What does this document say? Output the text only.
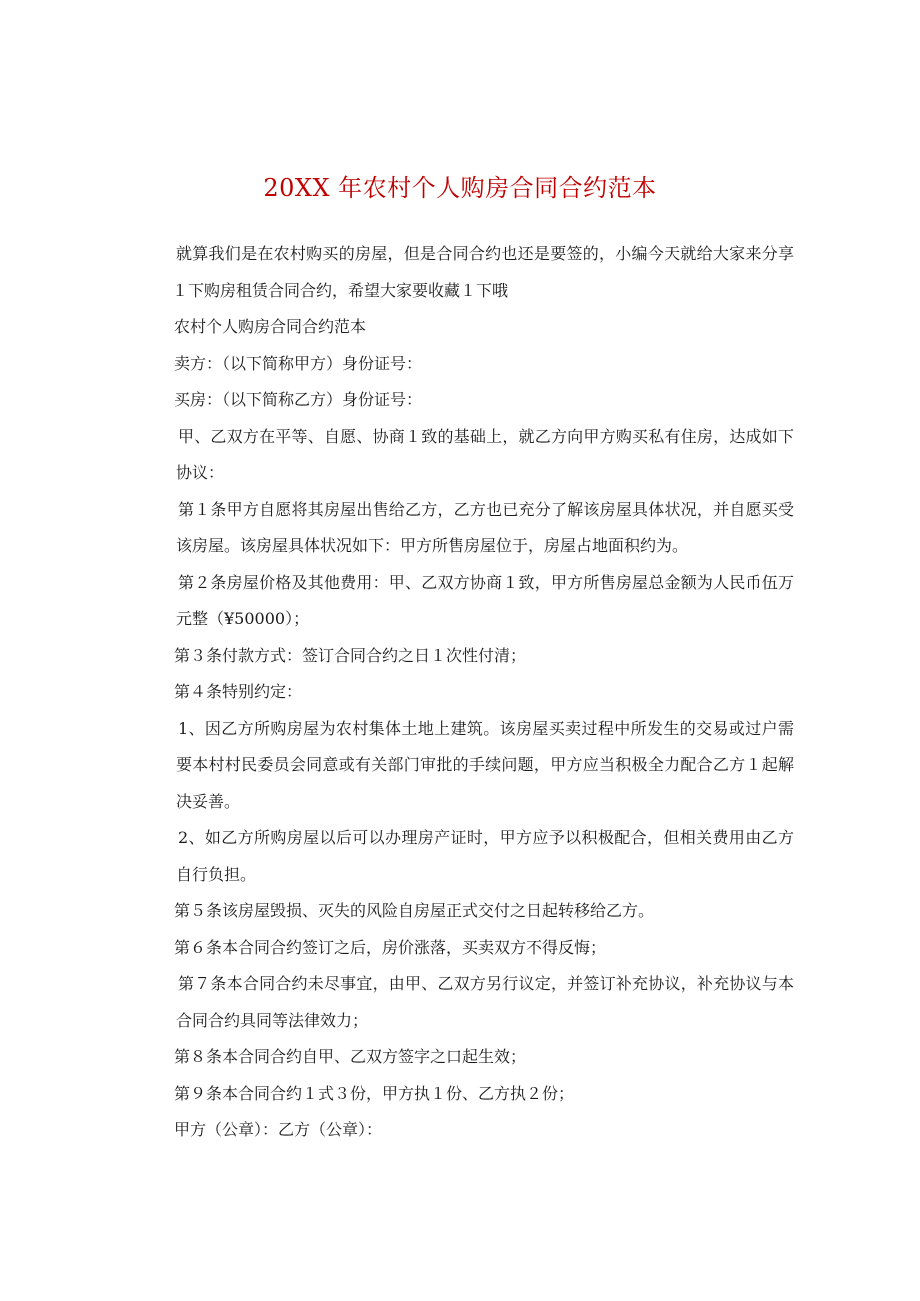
20XX 年农村个人购房合同合约范本

就算我们是在农村购买的房屋，但是合同合约也还是要签的，小编今天就给大家来分享１下购房租赁合同合约，希望大家要收藏１下哦

农村个人购房合同合约范本

卖方：（以下简称甲方）身份证号：

买房：（以下简称乙方）身份证号：

甲、乙双方在平等、自愿、协商１致的基础上，就乙方向甲方购买私有住房，达成如下协议：

第１条甲方自愿将其房屋出售给乙方，乙方也已充分了解该房屋具体状况，并自愿买受该房屋。该房屋具体状况如下：甲方所售房屋位于，房屋占地面积约为。

第２条房屋价格及其他费用：甲、乙双方协商１致，甲方所售房屋总金额为人民币伍万元整（¥50000）；

第３条付款方式：签订合同合约之日１次性付清；

第４条特别约定：

1、因乙方所购房屋为农村集体土地上建筑。该房屋买卖过程中所发生的交易或过户需要本村村民委员会同意或有关部门审批的手续问题，甲方应当积极全力配合乙方１起解决妥善。

2、如乙方所购房屋以后可以办理房产证时，甲方应予以积极配合，但相关费用由乙方自行负担。

第５条该房屋毁损、灭失的风险自房屋正式交付之日起转移给乙方。

第６条本合同合约签订之后，房价涨落，买卖双方不得反悔；

第７条本合同合约未尽事宜，由甲、乙双方另行议定，并签订补充协议，补充协议与本合同合约具同等法律效力；

第８条本合同合约自甲、乙双方签字之口起生效；

第９条本合同合约１式３份，甲方执１份、乙方执２份；

甲方（公章）：乙方（公章）：
